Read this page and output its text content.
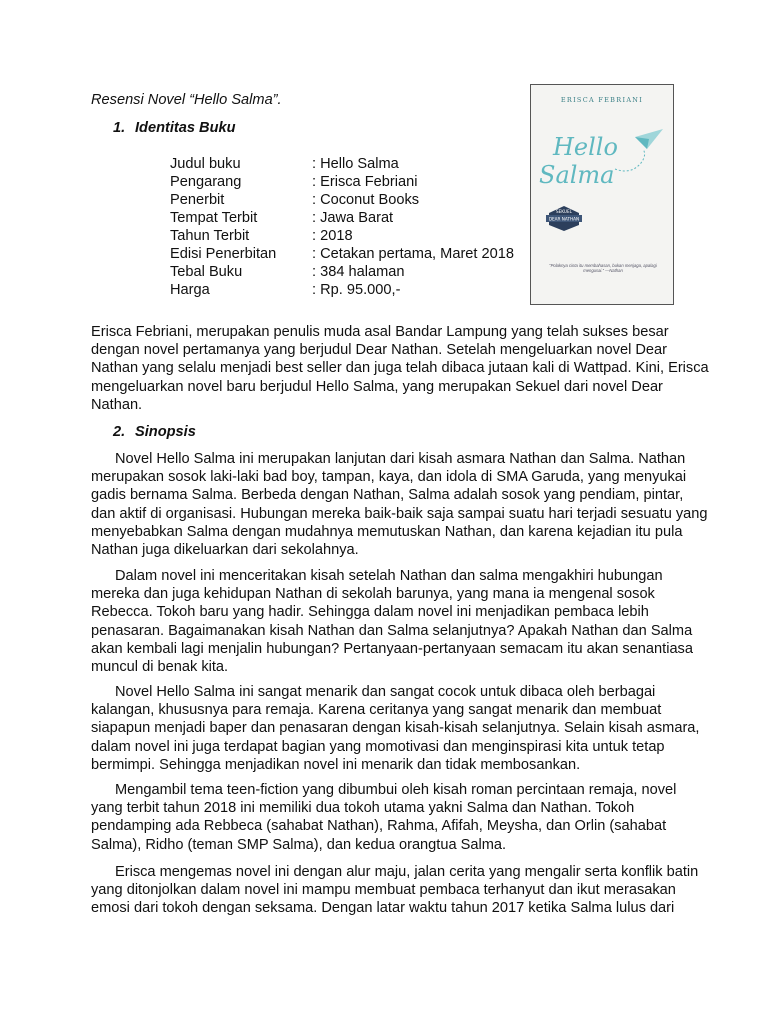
Resensi Novel “Hello Salma”.
1. Identitas Buku
Judul buku	: Hello Salma
Pengarang	: Erisca Febriani
Penerbit	: Coconut Books
Tempat Terbit	: Jawa Barat
Tahun Terbit	: 2018
Edisi Penerbitan	: Cetakan pertama, Maret 2018
Tebal Buku	: 384 halaman
Harga	: Rp. 95.000,-
ERISCA FEBRIANI
Hello
Salma
SEKUEL
DEAR NATHAN
“Polaknya cinta itu membahasan, bukan menjaga, apalagi mengusai.” —Nathan

Erisca Febriani, merupakan penulis muda asal Bandar Lampung yang telah sukses besar
dengan novel pertamanya yang berjudul Dear Nathan. Setelah mengeluarkan novel Dear
Nathan yang selalu menjadi best seller dan juga telah dibaca jutaan kali di Wattpad. Kini, Erisca
mengeluarkan novel baru berjudul Hello Salma, yang merupakan Sekuel dari novel Dear
Nathan.

2. Sinopsis

Novel Hello Salma ini merupakan lanjutan dari kisah asmara Nathan dan Salma. Nathan
merupakan sosok laki-laki bad boy, tampan, kaya, dan idola di SMA Garuda, yang menyukai
gadis bernama Salma. Berbeda dengan Nathan, Salma adalah sosok yang pendiam, pintar,
dan aktif di organisasi. Hubungan mereka baik-baik saja sampai suatu hari terjadi sesuatu yang
menyebabkan Salma dengan mudahnya memutuskan Nathan, dan karena kejadian itu pula
Nathan juga dikeluarkan dari sekolahnya.

Dalam novel ini menceritakan kisah setelah Nathan dan salma mengakhiri hubungan
mereka dan juga kehidupan Nathan di sekolah barunya, yang mana ia mengenal sosok
Rebecca. Tokoh baru yang hadir. Sehingga dalam novel ini menjadikan pembaca lebih
penasaran. Bagaimanakan kisah Nathan dan Salma selanjutnya? Apakah Nathan dan Salma
akan kembali lagi menjalin hubungan? Pertanyaan-pertanyaan semacam itu akan senantiasa
muncul di benak kita.

Novel Hello Salma ini sangat menarik dan sangat cocok untuk dibaca oleh berbagai
kalangan, khususnya para remaja. Karena ceritanya yang sangat menarik dan membuat
siapapun menjadi baper dan penasaran dengan kisah-kisah selanjutnya. Selain kisah asmara,
dalam novel ini juga terdapat bagian yang momotivasi dan menginspirasi kita untuk tetap
bermimpi. Sehingga menjadikan novel ini menarik dan tidak membosankan.

Mengambil tema teen-fiction yang dibumbui oleh kisah roman percintaan remaja, novel
yang terbit tahun 2018 ini memiliki dua tokoh utama yakni Salma dan Nathan. Tokoh
pendamping ada Rebbeca (sahabat Nathan), Rahma, Afifah, Meysha, dan Orlin (sahabat
Salma), Ridho (teman SMP Salma), dan kedua orangtua Salma.

Erisca mengemas novel ini dengan alur maju, jalan cerita yang mengalir serta konflik batin
yang ditonjolkan dalam novel ini mampu membuat pembaca terhanyut dan ikut merasakan
emosi dari tokoh dengan seksama. Dengan latar waktu tahun 2017 ketika Salma lulus dari
